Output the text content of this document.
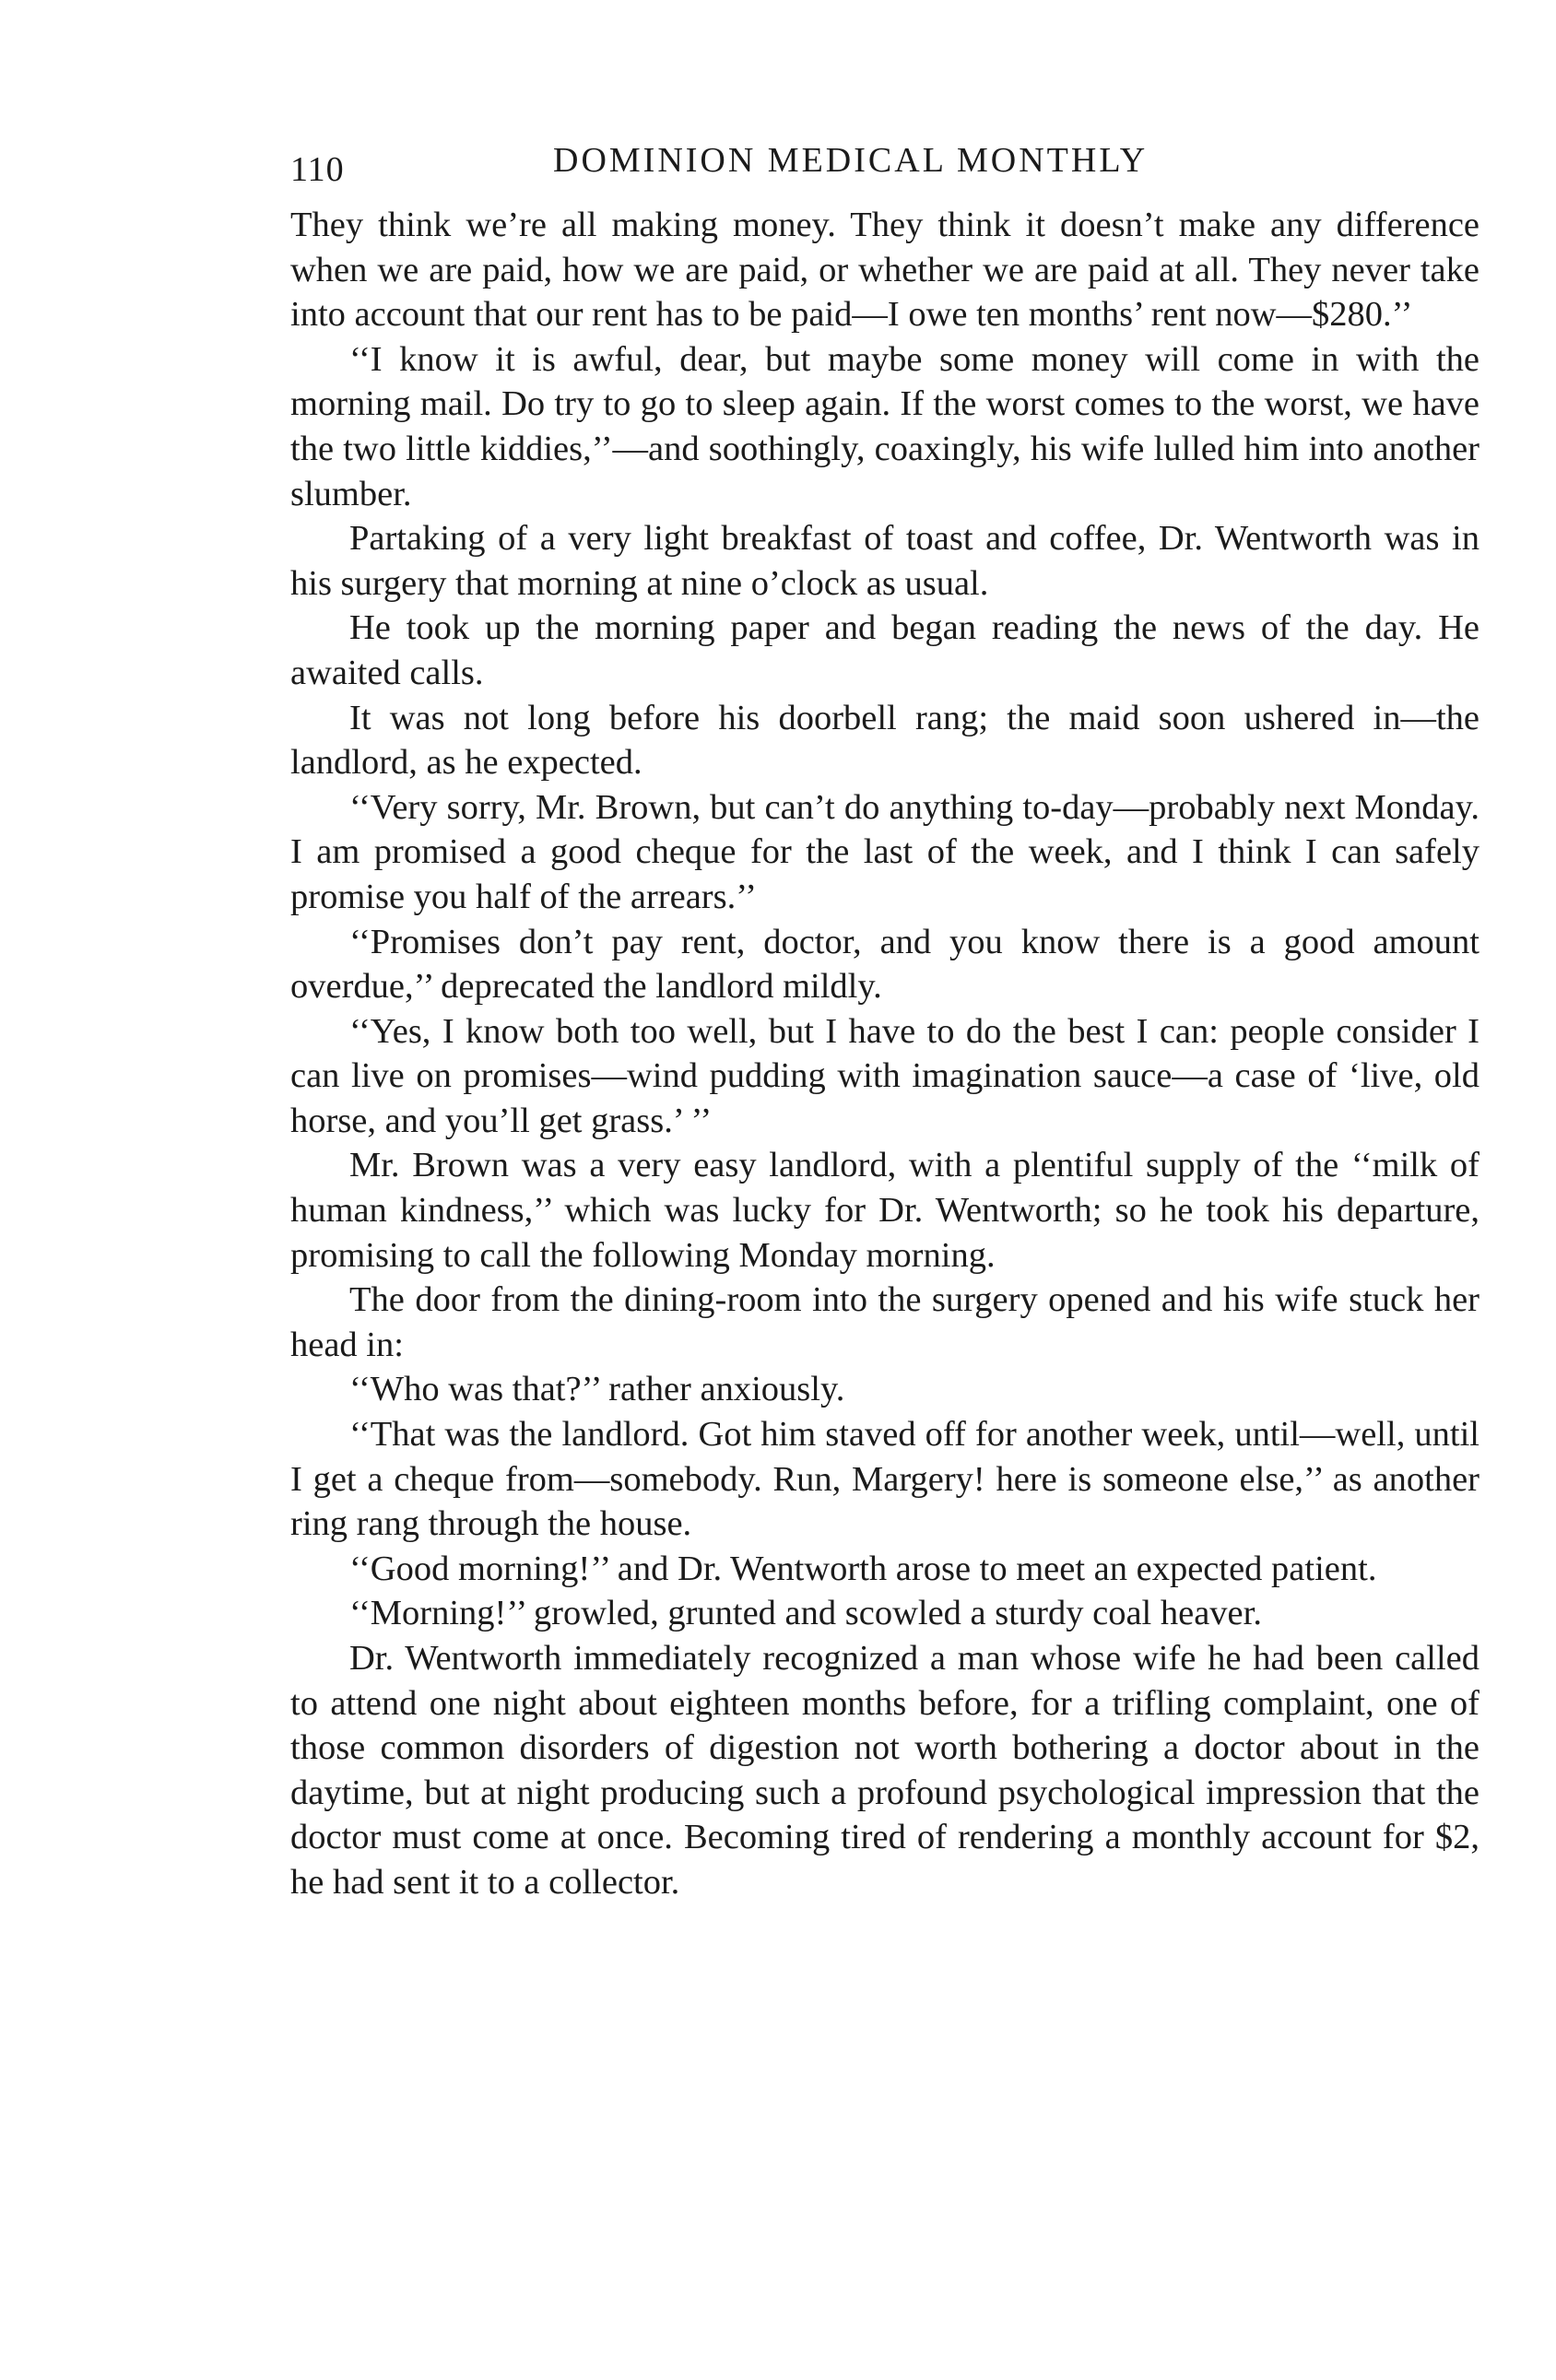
110	DOMINION MEDICAL MONTHLY

They think we’re all making money. They think it doesn’t make any difference when we are paid, how we are paid, or whether we are paid at all. They never take into account that our rent has to be paid—I owe ten months’ rent now—$280.’’

‘‘I know it is awful, dear, but maybe some money will come in with the morning mail. Do try to go to sleep again. If the worst comes to the worst, we have the two little kiddies,’’—and soothingly, coaxingly, his wife lulled him into another slumber.

Partaking of a very light breakfast of toast and coffee, Dr. Wentworth was in his surgery that morning at nine o’clock as usual.

He took up the morning paper and began reading the news of the day. He awaited calls.

It was not long before his doorbell rang; the maid soon ushered in—the landlord, as he expected.

‘‘Very sorry, Mr. Brown, but can’t do anything to-day—probably next Monday. I am promised a good cheque for the last of the week, and I think I can safely promise you half of the arrears.’’

‘‘Promises don’t pay rent, doctor, and you know there is a good amount overdue,’’ deprecated the landlord mildly.

‘‘Yes, I know both too well, but I have to do the best I can: people consider I can live on promises—wind pudding with imagination sauce—a case of ‘live, old horse, and you’ll get grass.’ ’’

Mr. Brown was a very easy landlord, with a plentiful supply of the ‘‘milk of human kindness,’’ which was lucky for Dr. Wentworth; so he took his departure, promising to call the following Monday morning.

The door from the dining-room into the surgery opened and his wife stuck her head in:

‘‘Who was that?’’ rather anxiously.

‘‘That was the landlord. Got him staved off for another week, until—well, until I get a cheque from—somebody. Run, Margery! here is someone else,’’ as another ring rang through the house.

‘‘Good morning!’’ and Dr. Wentworth arose to meet an expected patient.

‘‘Morning!’’ growled, grunted and scowled a sturdy coal heaver.

Dr. Wentworth immediately recognized a man whose wife he had been called to attend one night about eighteen months before, for a trifling complaint, one of those common disorders of digestion not worth bothering a doctor about in the daytime, but at night producing such a profound psychological impression that the doctor must come at once. Becoming tired of rendering a monthly account for $2, he had sent it to a collector.
